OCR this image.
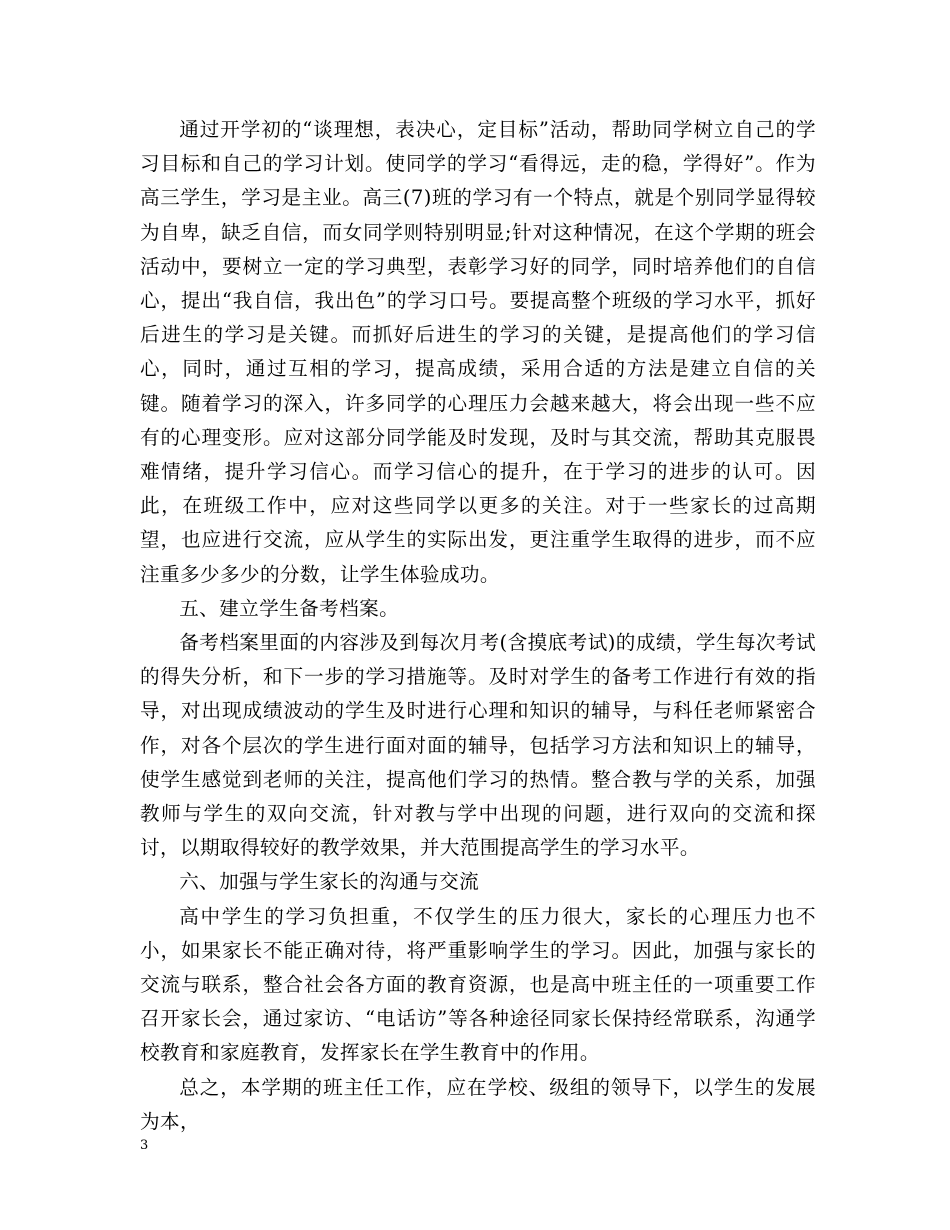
通过开学初的“谈理想，表决心，定目标”活动，帮助同学树立自己的学习目标和自己的学习计划。使同学的学习“看得远，走的稳，学得好”。作为高三学生，学习是主业。高三(7)班的学习有一个特点，就是个别同学显得较为自卑，缺乏自信，而女同学则特别明显;针对这种情况，在这个学期的班会活动中，要树立一定的学习典型，表彰学习好的同学，同时培养他们的自信心，提出“我自信，我出色”的学习口号。要提高整个班级的学习水平，抓好后进生的学习是关键。而抓好后进生的学习的关键，是提高他们的学习信心，同时，通过互相的学习，提高成绩，采用合适的方法是建立自信的关键。随着学习的深入，许多同学的心理压力会越来越大，将会出现一些不应有的心理变形。应对这部分同学能及时发现，及时与其交流，帮助其克服畏难情绪，提升学习信心。而学习信心的提升，在于学习的进步的认可。因此，在班级工作中，应对这些同学以更多的关注。对于一些家长的过高期望，也应进行交流，应从学生的实际出发，更注重学生取得的进步，而不应注重多少多少的分数，让学生体验成功。

五、建立学生备考档案。

备考档案里面的内容涉及到每次月考(含摸底考试)的成绩，学生每次考试的得失分析，和下一步的学习措施等。及时对学生的备考工作进行有效的指导，对出现成绩波动的学生及时进行心理和知识的辅导，与科任老师紧密合作，对各个层次的学生进行面对面的辅导，包括学习方法和知识上的辅导，使学生感觉到老师的关注，提高他们学习的热情。整合教与学的关系，加强教师与学生的双向交流，针对教与学中出现的问题，进行双向的交流和探讨，以期取得较好的教学效果，并大范围提高学生的学习水平。

六、加强与学生家长的沟通与交流

高中学生的学习负担重，不仅学生的压力很大，家长的心理压力也不小，如果家长不能正确对待，将严重影响学生的学习。因此，加强与家长的交流与联系，整合社会各方面的教育资源，也是高中班主任的一项重要工作召开家长会，通过家访、“电话访”等各种途径同家长保持经常联系，沟通学校教育和家庭教育，发挥家长在学生教育中的作用。

总之，本学期的班主任工作，应在学校、级组的领导下，以学生的发展为本，

3
